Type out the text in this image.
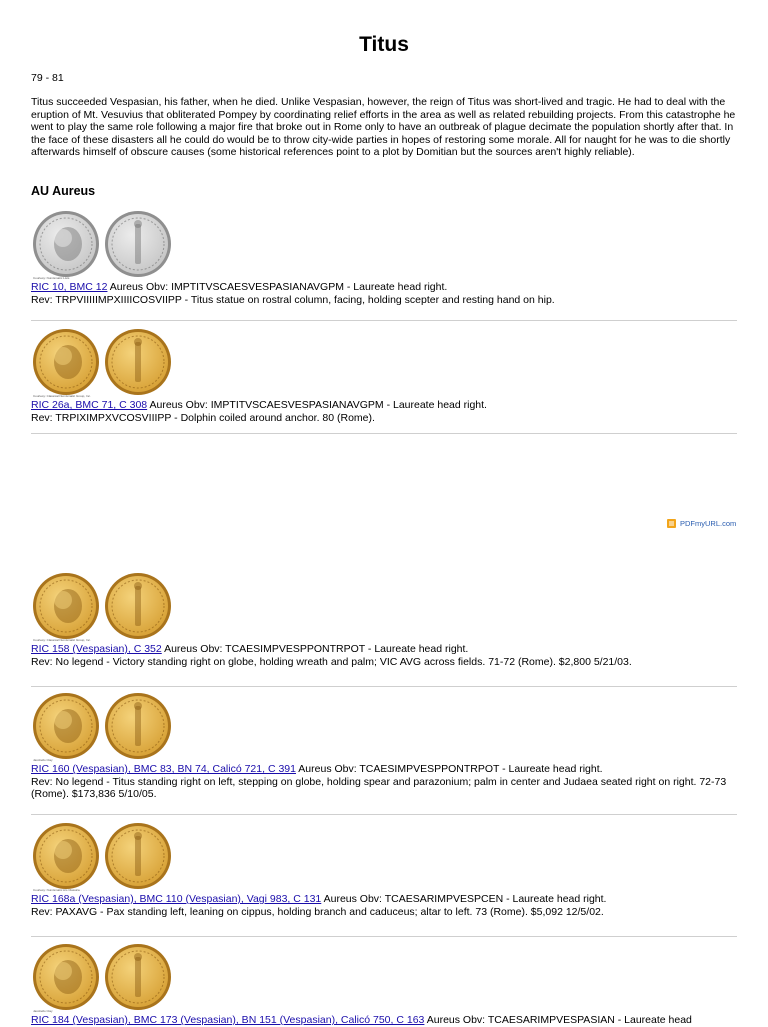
Titus
79 - 81

Titus succeeded Vespasian, his father, when he died. Unlike Vespasian, however, the reign of Titus was short-lived and tragic. He had to deal with the eruption of Mt. Vesuvius that obliterated Pompey by coordinating relief efforts in the area as well as related rebuilding projects. From this catastrophe he went to play the same role following a major fire that broke out in Rome only to have an outbreak of plague decimate the population shortly after that. In the face of these disasters all he could do would be to throw city-wide parties in hopes of restoring some morale. All for naught for he was to die shortly afterwards himself of obscure causes (some historical references point to a plot by Domitian but the sources aren't highly reliable).

AU Aureus
PDFmyURL.com
Courtesy: Numismatic Lists
RIC 10, BMC 12 Aureus Obv: IMPTITVSCAESVESPASIANAVGPM - Laureate head right.
Rev: TRPVIIIIIMPXIIIICOSVIIPP - Titus statue on rostral column, facing, holding scepter and resting hand on hip.
Courtesy: Classical Numismatic Group, Inc.
RIC 26a, BMC 71, C 308 Aureus Obv: IMPTITVSCAESVESPASIANAVGPM - Laureate head right.
Rev: TRPIXIMPXVCOSVIIIPP - Dolphin coiled around anchor. 80 (Rome).
Courtesy: Classical Numismatic Group, Inc.
RIC 158 (Vespasian), C 352 Aureus Obv: TCAESIMPVESPPONTRPOT - Laureate head right.
Rev: No legend - Victory standing right on globe, holding wreath and palm; VIC AVG across fields. 71-72 (Rome). $2,800 5/21/03.
Jacobello Clay
RIC 160 (Vespasian), BMC 83, BN 74, Calicó 721, C 391 Aureus Obv: TCAESIMPVESPPONTRPOT - Laureate head right.
Rev: No legend - Titus standing right on left, stepping on globe, holding spear and parazonium; palm in center and Judaea seated right on right. 72-73 (Rome). $173,836 5/10/05.
Courtesy: Numismatic Ars Classica
RIC 168a (Vespasian), BMC 110 (Vespasian), Vagi 983, C 131 Aureus Obv: TCAESARIMPVESPCEN - Laureate head right.
Rev: PAXAVG - Pax standing left, leaning on cippus, holding branch and caduceus; altar to left. 73 (Rome). $5,092 12/5/02.
Jacobello Clay
RIC 184 (Vespasian), BMC 173 (Vespasian), BN 151 (Vespasian), Calicó 750, C 163 Aureus Obv: TCAESARIMPVESPASIAN - Laureate head
